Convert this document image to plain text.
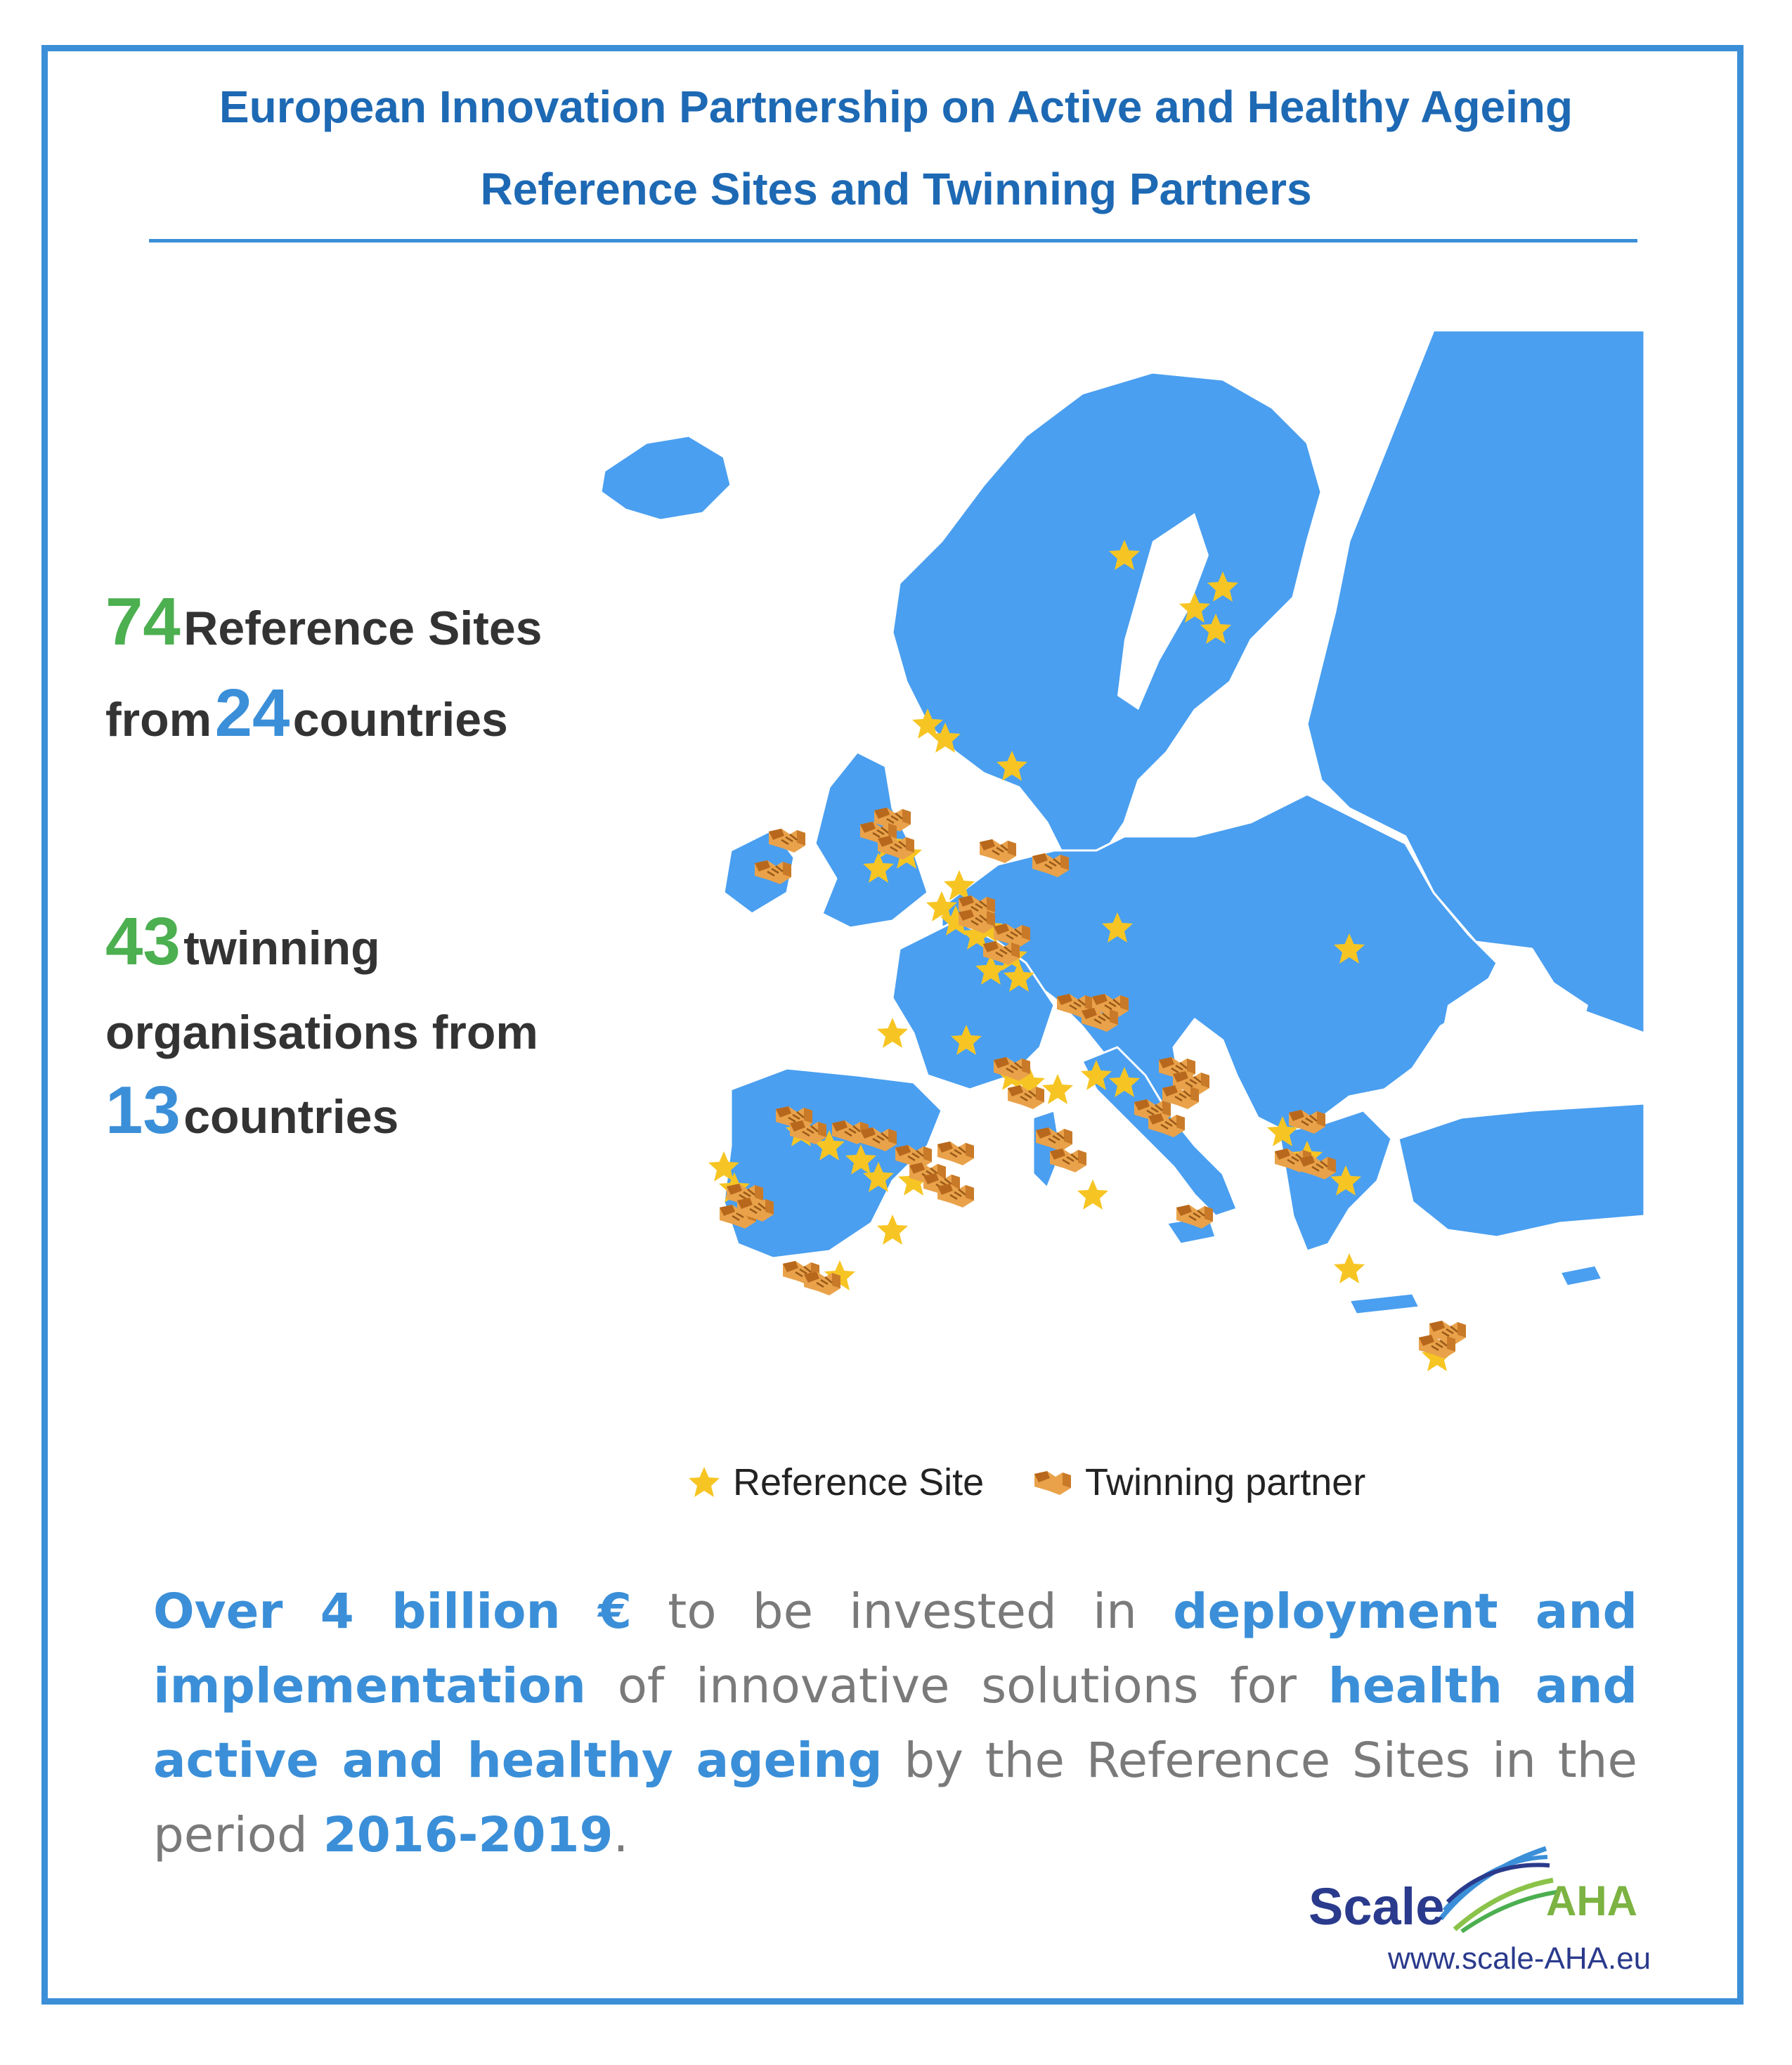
European Innovation Partnership on Active and Healthy Ageing
Reference Sites and Twinning Partners
74 Reference Sites
from 24 countries
43 twinning
organisations from
13 countries
Reference Site	Twinning partner
Over 4 billion € to be invested in deployment and implementation of innovative solutions for health and active and healthy ageing by the Reference Sites in the period 2016-2019.
Scale AHA
www.scale-AHA.eu
